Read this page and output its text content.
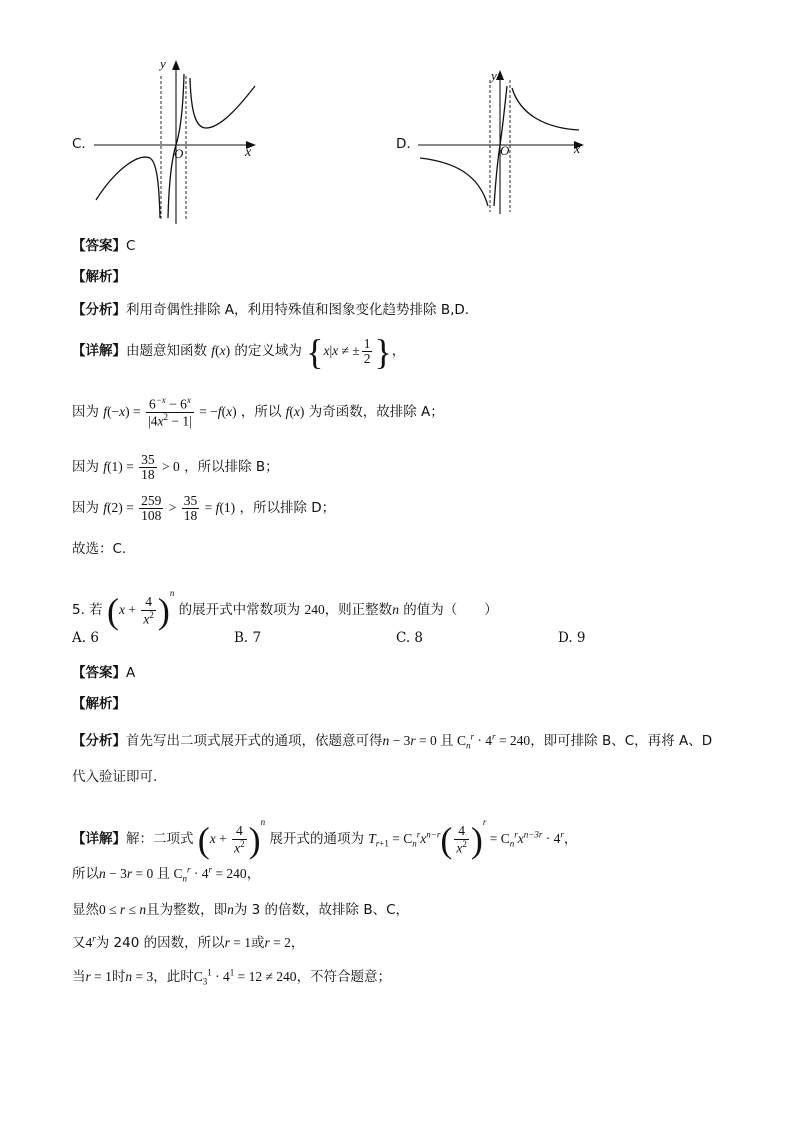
C.
y
x
O
D.
y
x
O
【答案】C
【解析】
【分析】利用奇偶性排除 A，利用特殊值和图象变化趋势排除 B,D.
【详解】由题意知函数 f(x) 的定义域为 {x|x ≠ ± $\frac{1}{2}$ }，
因为 $f(-x) = \frac{6^{-x} - 6^x}{|4x^2 - 1|} = -f(x)$ ，所以 f(x) 为奇函数，故排除 A；
因为 $f(1) = \frac{35}{18} > 0$ ，所以排除 B；
因为 $f(2) = \frac{259}{108} > \frac{35}{18} = f(1)$ ，所以排除 D；
故选：C.
5. 若 $(x + \frac{4}{x^2} )^n$ 的展开式中常数项为 240，则正整数n 的值为（　　）
A. 6	B. 7	C. 8	D. 9
【答案】A
【解析】
【分析】首先写出二项式展开式的通项，依题意可得n − 3r = 0 且 $C_n^r \cdot 4^r = 240$，即可排除 B、C，再将 A、D
代入验证即可.
【详解】解：二项式 $(x + \frac{4}{x^2} )^n$ 展开式的通项为 $T_{r+1} = C_n^rx^{n-r}( \frac{4}{x^2} )^r = C_n^rx^{n-3r} \cdot 4^r$，
所以n − 3r = 0 且 $C_n^r \cdot 4^r = 240$，
显然0 ≤ r ≤ n且为整数，即n为 3 的倍数，故排除 B、C，
又4$^r$为 240 的因数，所以r = 1或r = 2，
当r = 1时n = 3，此时$C_3^1 \cdot 4^1 = 12 \ne 240$，不符合题意；
